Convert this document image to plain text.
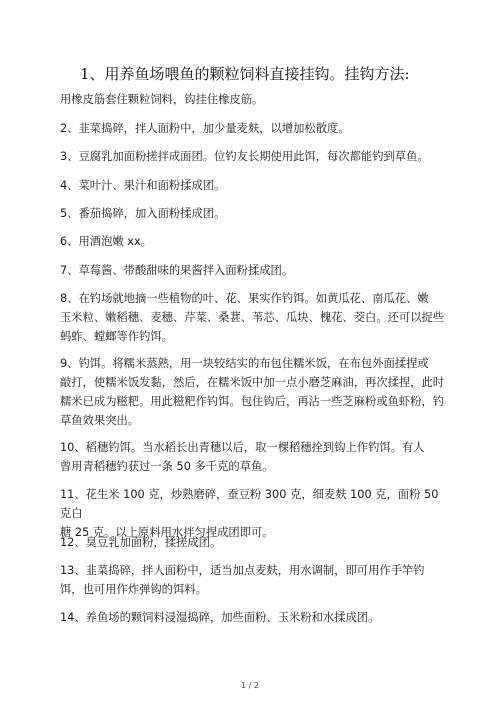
1、用养鱼场喂鱼的颗粒饲料直接挂钩。挂钩方法:

用橡皮筋套住颗粒饲料，钩挂住橡皮筋。

2、韭菜捣碎，拌人面粉中，加少量麦麸，以增加松散度。

3、豆腐乳加面粉搓拌成面团。位钓友长期使用此饵，每次都能钓到草鱼。

4、菜叶汁、果汁和面粉揉成团。

5、番茄捣碎，加入面粉揉成团。

6、用酒泡嫩 xx。

7、草莓酱、带酸甜味的果酱拌入面粉揉成团。

8、在钓场就地摘一些植物的叶、花、果实作钓饵。如黄瓜花、南瓜花、嫩
玉米粒、嫩稻穗、麦穗、芹菜、桑葚、苇芯、瓜块、槐花、茭白。还可以捉些
蚂蚱、螳螂等作钓饵。

9、钓饵。将糯米蒸熟，用一块较结实的布包住糯米饭，在布包外面揉捏或
敲打，使糯米饭发黏，然后，在糯米饭中加一点小磨芝麻油，再次揉捏，此时
糯米已成为糍粑。用此糍粑作钓饵。包住钩后，再沾一些芝麻粉或鱼虾粉，钓
草鱼效果突出。

10、稻穗钓饵。当水稻长出青穗以后，取一棵稻穗拴到钩上作钓饵。有人
曾用青稻穗钓获过一条 50 多千克的草鱼。

11、花生米 100 克，炒熟磨碎，蚕豆粉 300 克，细麦麸 100 克，面粉 50 克白
糖 25 克。以上原料用水拌匀捏成团即可。

12、臭豆乳加面粉，揉搓成团。

13、韭菜捣碎，拌人面粉中，适当加点麦麸，用水调制，即可用作手竿钓
饵，也可用作炸弹钩的饵料。

14、养鱼场的颗饲料浸湿捣碎，加些面粉、玉米粉和水揉成团。

1 / 2
